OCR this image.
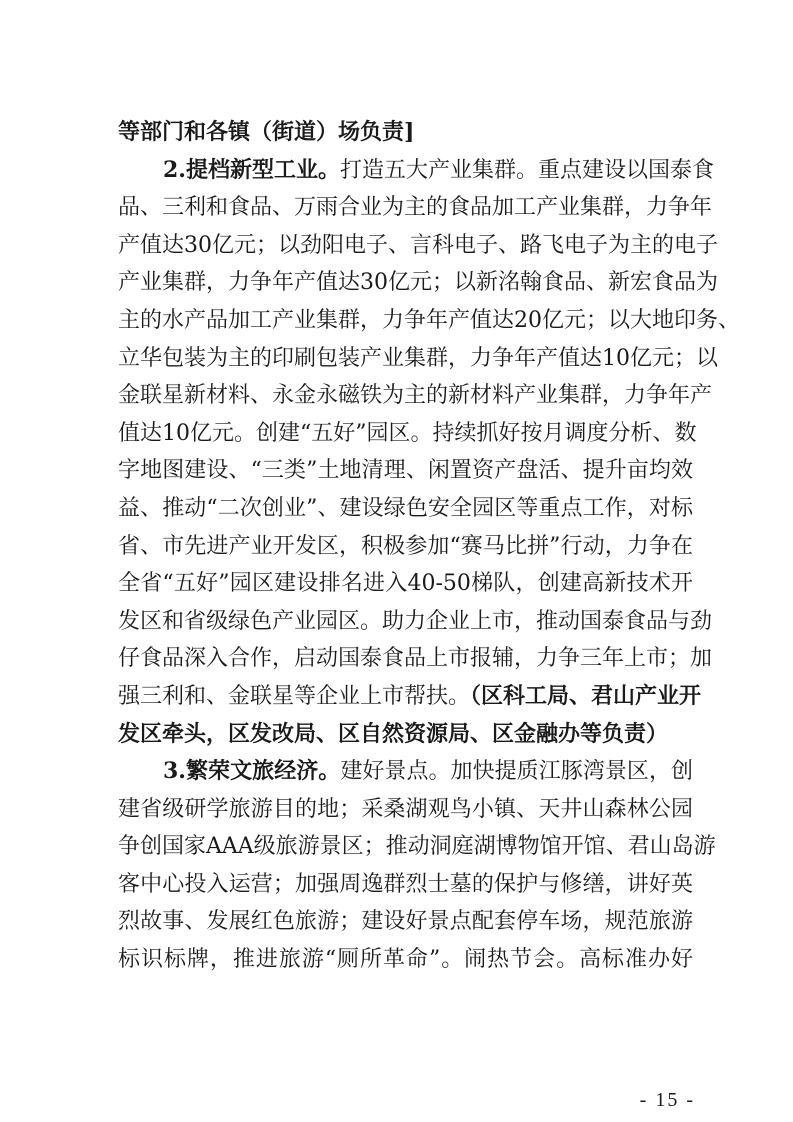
等部门和各镇（街道）场负责]
2.提档新型工业。打造五大产业集群。重点建设以国泰食
品、三利和食品、万雨合业为主的食品加工产业集群，力争年
产值达30亿元；以劲阳电子、言科电子、路飞电子为主的电子
产业集群，力争年产值达30亿元；以新洺翰食品、新宏食品为
主的水产品加工产业集群，力争年产值达20亿元；以大地印务、
立华包装为主的印刷包装产业集群，力争年产值达10亿元；以
金联星新材料、永金永磁铁为主的新材料产业集群，力争年产
值达10亿元。创建“五好”园区。持续抓好按月调度分析、数
字地图建设、“三类”土地清理、闲置资产盘活、提升亩均效
益、推动“二次创业”、建设绿色安全园区等重点工作，对标
省、市先进产业开发区，积极参加“赛马比拼”行动，力争在
全省“五好”园区建设排名进入40-50梯队，创建高新技术开
发区和省级绿色产业园区。助力企业上市，推动国泰食品与劲
仔食品深入合作，启动国泰食品上市报辅，力争三年上市；加
强三利和、金联星等企业上市帮扶。（区科工局、君山产业开
发区牵头，区发改局、区自然资源局、区金融办等负责）
3.繁荣文旅经济。建好景点。加快提质江豚湾景区，创
建省级研学旅游目的地；采桑湖观鸟小镇、天井山森林公园
争创国家AAA级旅游景区；推动洞庭湖博物馆开馆、君山岛游
客中心投入运营；加强周逸群烈士墓的保护与修缮，讲好英
烈故事、发展红色旅游；建设好景点配套停车场，规范旅游
标识标牌，推进旅游“厕所革命”。闹热节会。高标准办好
- 15 -
